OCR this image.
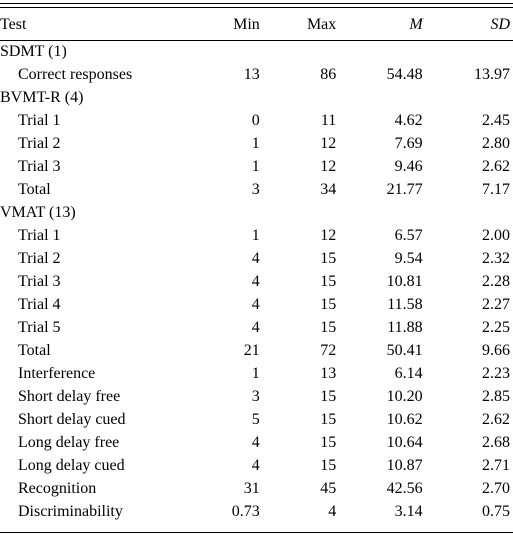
Test	Min	Max	M	SD
SDMT (1)				
Correct responses	13	86	54.48	13.97
BVMT-R (4)				
Trial 1	0	11	4.62	2.45
Trial 2	1	12	7.69	2.80
Trial 3	1	12	9.46	2.62
Total	3	34	21.77	7.17
VMAT (13)				
Trial 1	1	12	6.57	2.00
Trial 2	4	15	9.54	2.32
Trial 3	4	15	10.81	2.28
Trial 4	4	15	11.58	2.27
Trial 5	4	15	11.88	2.25
Total	21	72	50.41	9.66
Interference	1	13	6.14	2.23
Short delay free	3	15	10.20	2.85
Short delay cued	5	15	10.62	2.62
Long delay free	4	15	10.64	2.68
Long delay cued	4	15	10.87	2.71
Recognition	31	45	42.56	2.70
Discriminability	0.73	4	3.14	0.75
